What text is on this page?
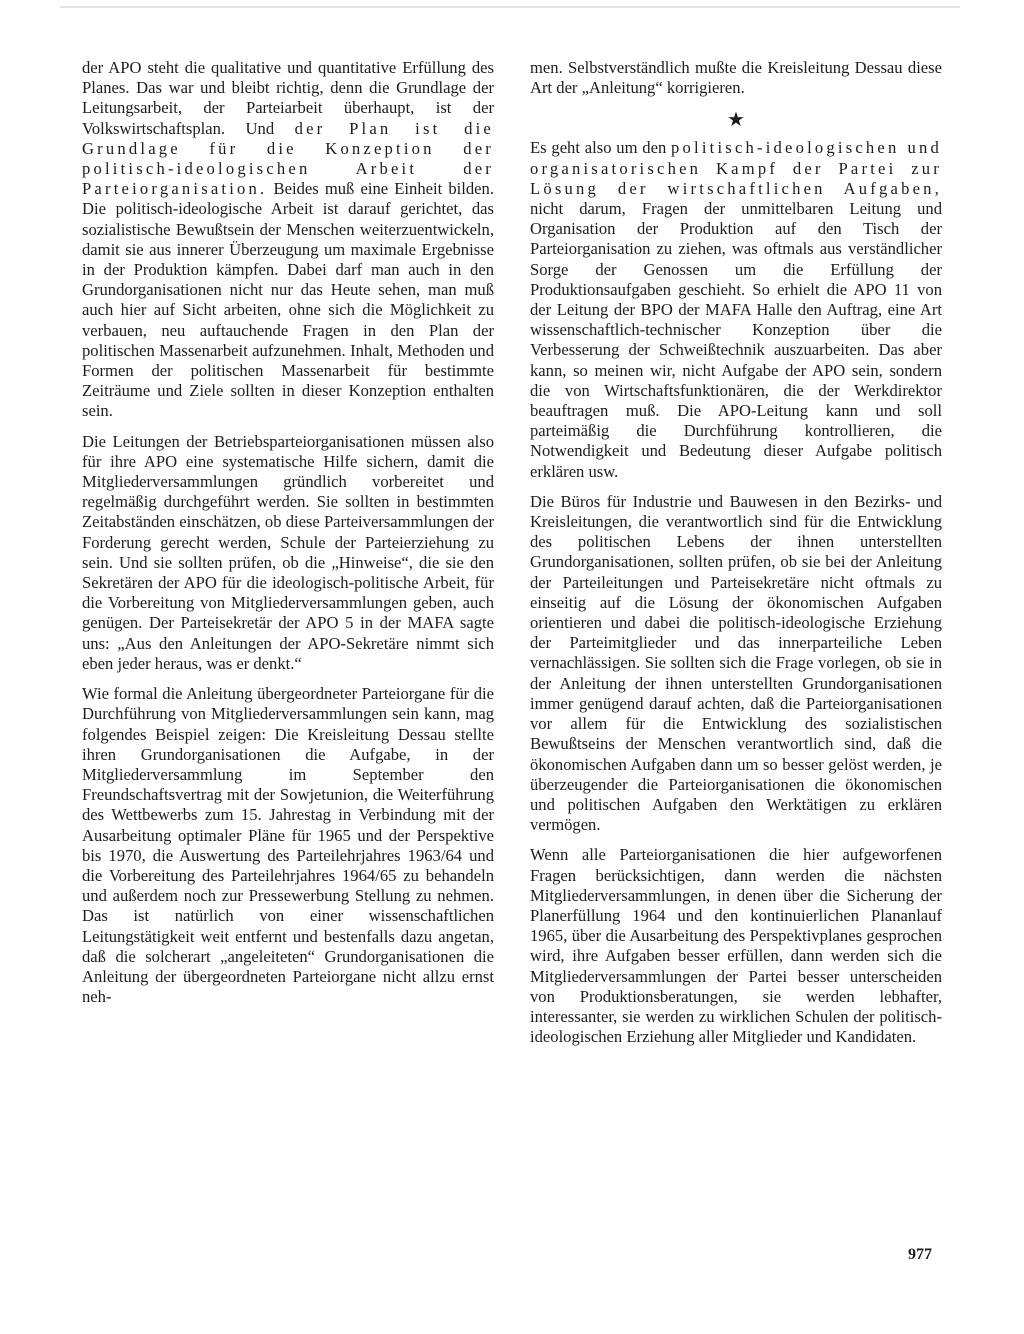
der APO steht die qualitative und quantitative Erfüllung des Planes. Das war und bleibt richtig, denn die Grundlage der Leitungsarbeit, der Parteiarbeit überhaupt, ist der Volkswirtschaftsplan. Und der Plan ist die Grundlage für die Konzeption der politisch-ideologischen Arbeit der Parteiorganisation. Beides muß eine Einheit bilden. Die politisch-ideologische Arbeit ist darauf gerichtet, das sozialistische Bewußtsein der Menschen weiterzuentwickeln, damit sie aus innerer Überzeugung um maximale Ergebnisse in der Produktion kämpfen. Dabei darf man auch in den Grundorganisationen nicht nur das Heute sehen, man muß auch hier auf Sicht arbeiten, ohne sich die Möglichkeit zu verbauen, neu auftauchende Fragen in den Plan der politischen Massenarbeit aufzunehmen. Inhalt, Methoden und Formen der politischen Massenarbeit für bestimmte Zeiträume und Ziele sollten in dieser Konzeption enthalten sein.

Die Leitungen der Betriebsparteiorganisationen müssen also für ihre APO eine systematische Hilfe sichern, damit die Mitgliederversammlungen gründlich vorbereitet und regelmäßig durchgeführt werden. Sie sollten in bestimmten Zeitabständen einschätzen, ob diese Parteiversammlungen der Forderung gerecht werden, Schule der Parteierziehung zu sein. Und sie sollten prüfen, ob die „Hinweise“, die sie den Sekretären der APO für die ideologisch-politische Arbeit, für die Vorbereitung von Mitgliederversammlungen geben, auch genügen. Der Parteisekretär der APO 5 in der MAFA sagte uns: „Aus den Anleitungen der APO-Sekretäre nimmt sich eben jeder heraus, was er denkt.“

Wie formal die Anleitung übergeordneter Parteiorgane für die Durchführung von Mitgliederversammlungen sein kann, mag folgendes Beispiel zeigen: Die Kreisleitung Dessau stellte ihren Grundorganisationen die Aufgabe, in der Mitgliederversammlung im September den Freundschaftsvertrag mit der Sowjetunion, die Weiterführung des Wettbewerbs zum 15. Jahrestag in Verbindung mit der Ausarbeitung optimaler Pläne für 1965 und der Perspektive bis 1970, die Auswertung des Parteilehrjahres 1963/64 und die Vorbereitung des Parteilehrjahres 1964/65 zu behandeln und außerdem noch zur Pressewerbung Stellung zu nehmen. Das ist natürlich von einer wissenschaftlichen Leitungstätigkeit weit entfernt und bestenfalls dazu angetan, daß die solcherart „angeleiteten“ Grundorganisationen die Anleitung der übergeordneten Parteiorgane nicht allzu ernst neh-

men. Selbstverständlich mußte die Kreisleitung Dessau diese Art der „Anleitung“ korrigieren.

★

Es geht also um den politisch-ideologischen und organisatorischen Kampf der Partei zur Lösung der wirtschaftlichen Aufgaben, nicht darum, Fragen der unmittelbaren Leitung und Organisation der Produktion auf den Tisch der Parteiorganisation zu ziehen, was oftmals aus verständlicher Sorge der Genossen um die Erfüllung der Produktionsaufgaben geschieht. So erhielt die APO 11 von der Leitung der BPO der MAFA Halle den Auftrag, eine Art wissenschaftlich-technischer Konzeption über die Verbesserung der Schweißtechnik auszuarbeiten. Das aber kann, so meinen wir, nicht Aufgabe der APO sein, sondern die von Wirtschaftsfunktionären, die der Werkdirektor beauftragen muß. Die APO-Leitung kann und soll parteimäßig die Durchführung kontrollieren, die Notwendigkeit und Bedeutung dieser Aufgabe politisch erklären usw.

Die Büros für Industrie und Bauwesen in den Bezirks- und Kreisleitungen, die verantwortlich sind für die Entwicklung des politischen Lebens der ihnen unterstellten Grundorganisationen, sollten prüfen, ob sie bei der Anleitung der Parteileitungen und Parteisekretäre nicht oftmals zu einseitig auf die Lösung der ökonomischen Aufgaben orientieren und dabei die politisch-ideologische Erziehung der Parteimitglieder und das innerparteiliche Leben vernachlässigen. Sie sollten sich die Frage vorlegen, ob sie in der Anleitung der ihnen unterstellten Grundorganisationen immer genügend darauf achten, daß die Parteiorganisationen vor allem für die Entwicklung des sozialistischen Bewußtseins der Menschen verantwortlich sind, daß die ökonomischen Aufgaben dann um so besser gelöst werden, je überzeugender die Parteiorganisationen die ökonomischen und politischen Aufgaben den Werktätigen zu erklären vermögen.

Wenn alle Parteiorganisationen die hier aufgeworfenen Fragen berücksichtigen, dann werden die nächsten Mitgliederversammlungen, in denen über die Sicherung der Planerfüllung 1964 und den kontinuierlichen Plananlauf 1965, über die Ausarbeitung des Perspektivplanes gesprochen wird, ihre Aufgaben besser erfüllen, dann werden sich die Mitgliederversammlungen der Partei besser unterscheiden von Produktionsberatungen, sie werden lebhafter, interessanter, sie werden zu wirklichen Schulen der politisch-ideologischen Erziehung aller Mitglieder und Kandidaten.

977
